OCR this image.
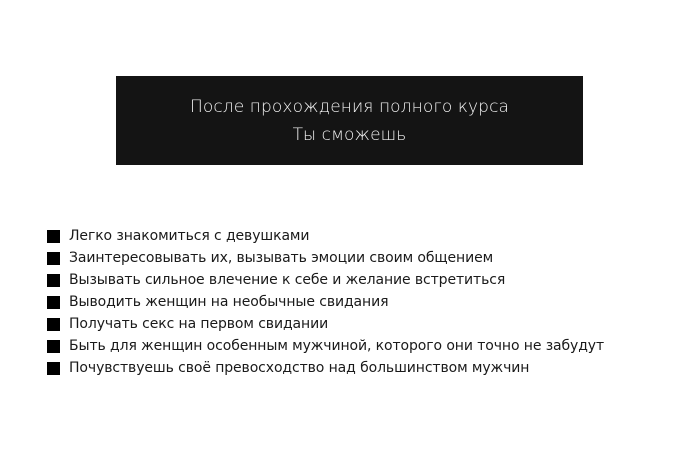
После прохождения полного курса
Ты сможешь
Легко знакомиться с девушками
Заинтересовывать их, вызывать эмоции своим общением
Вызывать сильное влечение к себе и желание встретиться
Выводить женщин на необычные свидания
Получать секс на первом свидании
Быть для женщин особенным мужчиной, которого они точно не забудут
Почувствуешь своё превосходство над большинством мужчин
